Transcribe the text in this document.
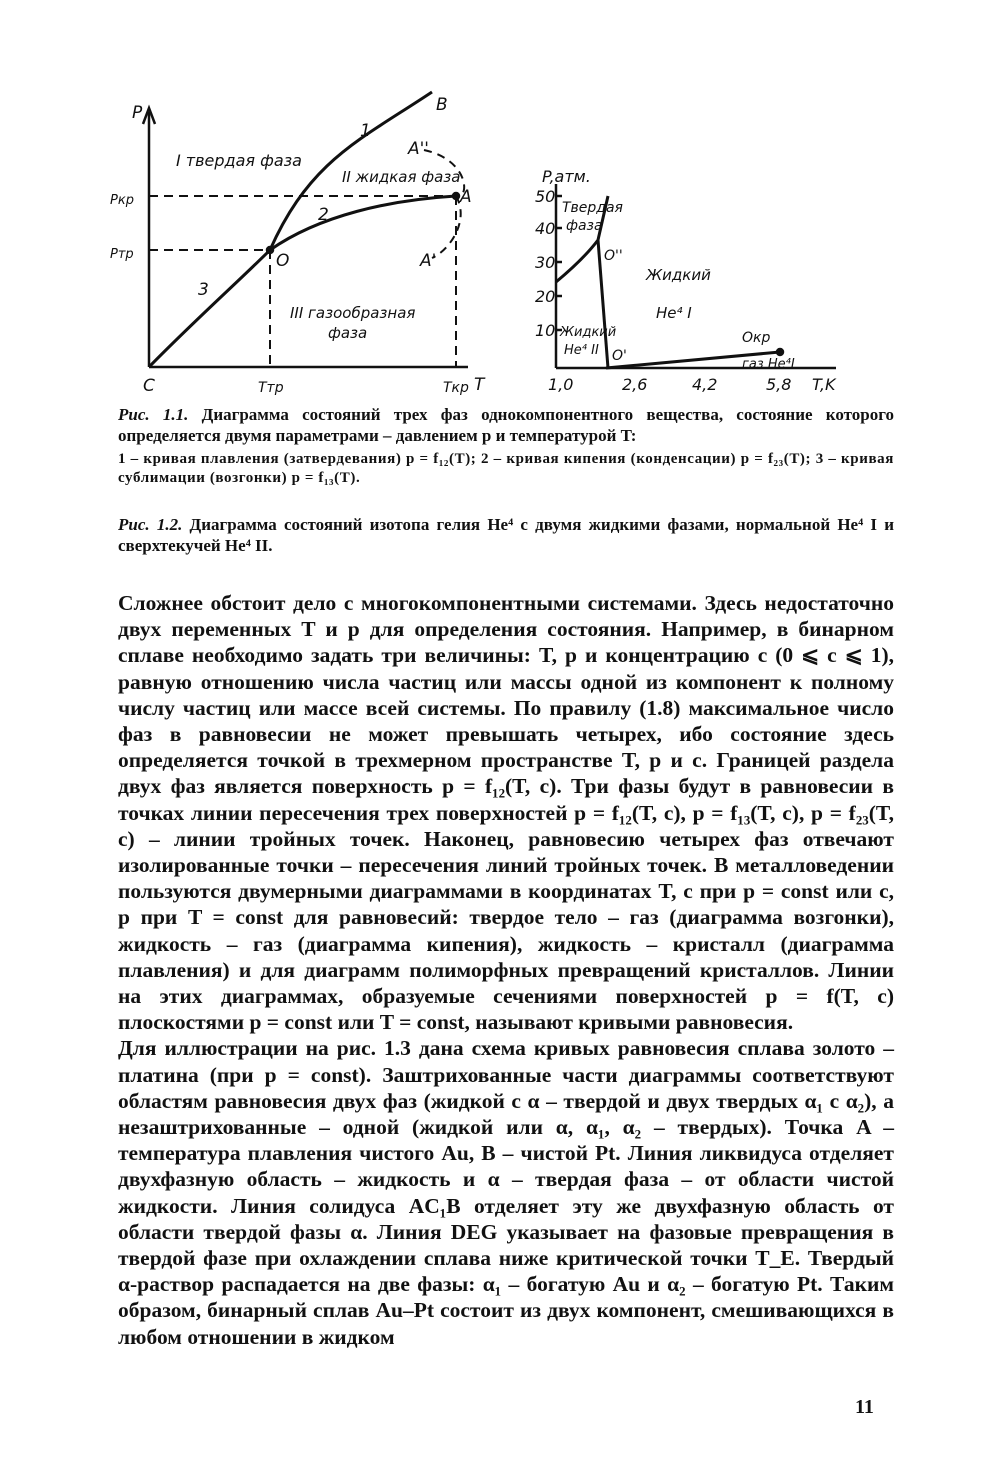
P
T
C
Pкр
Pтр
Tтр	Tкр
B
A
A''
A'
O
1
2
3
I твердая фаза
II жидкая фаза
III газообразная
фаза
P,атм.
T,K
50
40
30
20
10
1,0	2,6	4,2	5,8
Твердая
фаза
Жидкий
He⁴ I
Жидкий
He⁴ II
O''
O'
Oкр
газ He⁴I

Рис. 1.1. Диаграмма состояний трех фаз однокомпонентного вещества, состояние которого определяется двумя параметрами – давлением p и температурой T:

1 – кривая плавления (затвердевания) p = f₁₂(T); 2 – кривая кипения (конденсации) p = f₂₃(T); 3 – кривая сублимации (возгонки) p = f₁₃(T).

Рис. 1.2. Диаграмма состояний изотопа гелия He⁴ с двумя жидкими фазами, нормальной He⁴ I и сверхтекучей He⁴ II.

Сложнее обстоит дело с многокомпонентными системами. Здесь недостаточно двух переменных T и p для определения состояния. Например, в бинарном сплаве необходимо задать три величины: T, p и концентрацию c (0 ⩽ c ⩽ 1), равную отношению числа частиц или массы одной из компонент к полному числу частиц или массе всей системы. По правилу (1.8) максимальное число фаз в равновесии не может превышать четырех, ибо состояние здесь определяется точкой в трехмерном пространстве T, p и c. Границей раздела двух фаз является поверхность p = f₁₂(T, c). Три фазы будут в равновесии в точках линии пересечения трех поверхностей p = f₁₂(T, c), p = f₁₃(T, c), p = f₂₃(T, c) – линии тройных точек. Наконец, равновесию четырех фаз отвечают изолированные точки – пересечения линий тройных точек. В металловедении пользуются двумерными диаграммами в координатах T, c при p = const или c, p при T = const для равновесий: твердое тело – газ (диаграмма возгонки), жидкость – газ (диаграмма кипения), жидкость – кристалл (диаграмма плавления) и для диаграмм полиморфных превращений кристаллов. Линии на этих диаграммах, образуемые сечениями поверхностей p = f(T, c) плоскостями p = const или T = const, называют кривыми равновесия.

Для иллюстрации на рис. 1.3 дана схема кривых равновесия сплава золото – платина (при p = const). Заштрихованные части диаграммы соответствуют областям равновесия двух фаз (жидкой с α – твердой и двух твердых α₁ с α₂), а незаштрихованные – одной (жидкой или α, α₁, α₂ – твердых). Точка A – температура плавления чистого Au, B – чистой Pt. Линия ликвидуса отделяет двухфазную область – жидкость и α – твердая фаза – от области чистой жидкости. Линия солидуса AC₁B отделяет эту же двухфазную область от области твердой фазы α. Линия DEG указывает на фазовые превращения в твердой фазе при охлаждении сплава ниже критической точки T_E. Твердый α-раствор распадается на две фазы: α₁ – богатую Au и α₂ – богатую Pt. Таким образом, бинарный сплав Au–Pt состоит из двух компонент, смешивающихся в любом отношении в жидком

11
